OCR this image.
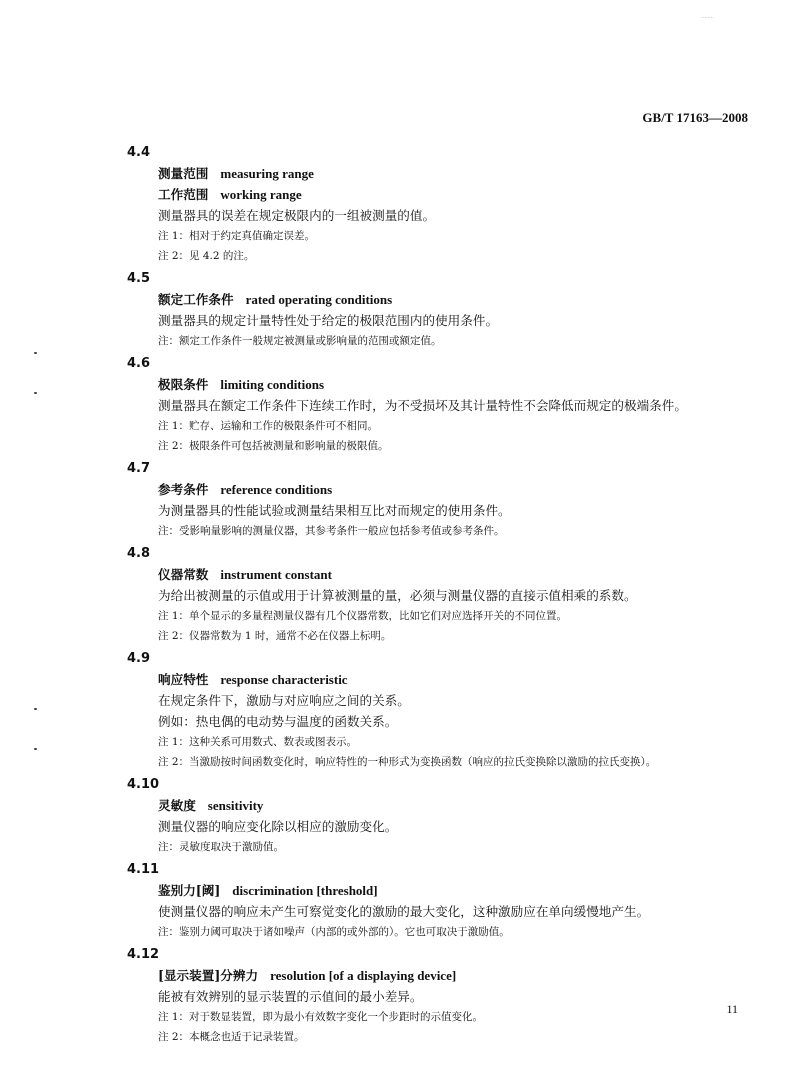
........
GB/T 17163—2008
4.4
测量范围 measuring range
工作范围 working range
测量器具的误差在规定极限内的一组被测量的值。
注 1：相对于约定真值确定误差。
注 2：见 4.2 的注。
4.5
额定工作条件 rated operating conditions
测量器具的规定计量特性处于给定的极限范围内的使用条件。
注：额定工作条件一般规定被测量或影响量的范围或额定值。
4.6
极限条件 limiting conditions
测量器具在额定工作条件下连续工作时，为不受损坏及其计量特性不会降低而规定的极端条件。
注 1：贮存、运输和工作的极限条件可不相同。
注 2：极限条件可包括被测量和影响量的极限值。
4.7
参考条件 reference conditions
为测量器具的性能试验或测量结果相互比对而规定的使用条件。
注：受影响量影响的测量仪器，其参考条件一般应包括参考值或参考条件。
4.8
仪器常数 instrument constant
为给出被测量的示值或用于计算被测量的量，必须与测量仪器的直接示值相乘的系数。
注 1：单个显示的多量程测量仪器有几个仪器常数，比如它们对应选择开关的不同位置。
注 2：仪器常数为 1 时，通常不必在仪器上标明。
4.9
响应特性 response characteristic
在规定条件下，激励与对应响应之间的关系。
例如：热电偶的电动势与温度的函数关系。
注 1：这种关系可用数式、数表或图表示。
注 2：当激励按时间函数变化时，响应特性的一种形式为变换函数（响应的拉氏变换除以激励的拉氏变换）。
4.10
灵敏度 sensitivity
测量仪器的响应变化除以相应的激励变化。
注：灵敏度取决于激励值。
4.11
鉴别力[阈] discrimination [threshold]
使测量仪器的响应未产生可察觉变化的激励的最大变化，这种激励应在单向缓慢地产生。
注：鉴别力阈可取决于诸如噪声（内部的或外部的）。它也可取决于激励值。
4.12
[显示装置]分辨力 resolution [of a displaying device]
能被有效辨别的显示装置的示值间的最小差异。
注 1：对于数显装置，即为最小有效数字变化一个步距时的示值变化。
注 2：本概念也适于记录装置。
11
